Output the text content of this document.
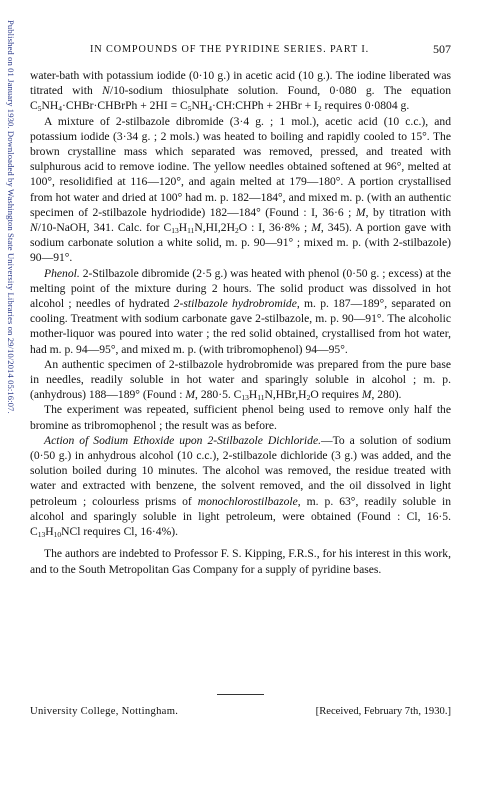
Published on 01 January 1930. Downloaded by Washington State University Libraries on 29/10/2014 05:16:07.	IN COMPOUNDS OF THE PYRIDINE SERIES. PART I.	507

water-bath with potassium iodide (0·10 g.) in acetic acid (10 g.). The iodine liberated was titrated with N/10-sodium thiosulphate solution. Found, 0·080 g. The equation $C_5NH_4\cdot CHBr\cdot CHBrPh + 2HI$ = $C_5NH_4\cdot CH:CHPh + 2HBr + I_2$ requires 0·0804 g.

A mixture of 2-stilbazole dibromide (3·4 g. ; 1 mol.), acetic acid (10 c.c.), and potassium iodide (3·34 g. ; 2 mols.) was heated to boiling and rapidly cooled to 15°. The brown crystalline mass which separated was removed, pressed, and treated with sulphurous acid to remove iodine. The yellow needles obtained softened at 96°, melted at 100°, resolidified at 116—120°, and again melted at 179—180°. A portion crystallised from hot water and dried at 100° had m. p. 182—184°, and mixed m. p. (with an authentic specimen of 2-stilbazole hydriodide) 182—184° (Found : I, 36·6 ; M, by titration with N/10-NaOH, 341. Calc. for $C_{13}H_{11}N,HI,2H_2O$ : I, 36·8% ; M, 345). A portion gave with sodium carbonate solution a white solid, m. p. 90—91° ; mixed m. p. (with 2-stilbazole) 90—91°.

Phenol. 2-Stilbazole dibromide (2·5 g.) was heated with phenol (0·50 g. ; excess) at the melting point of the mixture during 2 hours. The solid product was dissolved in hot alcohol ; needles of hydrated 2-stilbazole hydrobromide, m. p. 187—189°, separated on cooling. Treatment with sodium carbonate gave 2-stilbazole, m. p. 90—91°. The alcoholic mother-liquor was poured into water ; the red solid obtained, crystallised from hot water, had m. p. 94—95°, and mixed m. p. (with tribromophenol) 94—95°.

An authentic specimen of 2-stilbazole hydrobromide was prepared from the pure base in needles, readily soluble in hot water and sparingly soluble in alcohol ; m. p. (anhydrous) 188—189° (Found : M, 280·5. $C_{13}H_{11}N,HBr,H_2O$ requires M, 280).

The experiment was repeated, sufficient phenol being used to remove only half the bromine as tribromophenol ; the result was as before.

Action of Sodium Ethoxide upon 2-Stilbazole Dichloride.—To a solution of sodium (0·50 g.) in anhydrous alcohol (10 c.c.), 2-stilbazole dichloride (3 g.) was added, and the solution boiled during 10 minutes. The alcohol was removed, the residue treated with water and extracted with benzene, the solvent removed, and the oil dissolved in light petroleum ; colourless prisms of monochlorostilbazole, m. p. 63°, readily soluble in alcohol and sparingly soluble in light petroleum, were obtained (Found : Cl, 16·5. $C_{13}H_{10}NCl$ requires Cl, 16·4%).

The authors are indebted to Professor F. S. Kipping, F.R.S., for his interest in this work, and to the South Metropolitan Gas Company for a supply of pyridine bases.

University College, Nottingham.	[Received, February 7th, 1930.]
